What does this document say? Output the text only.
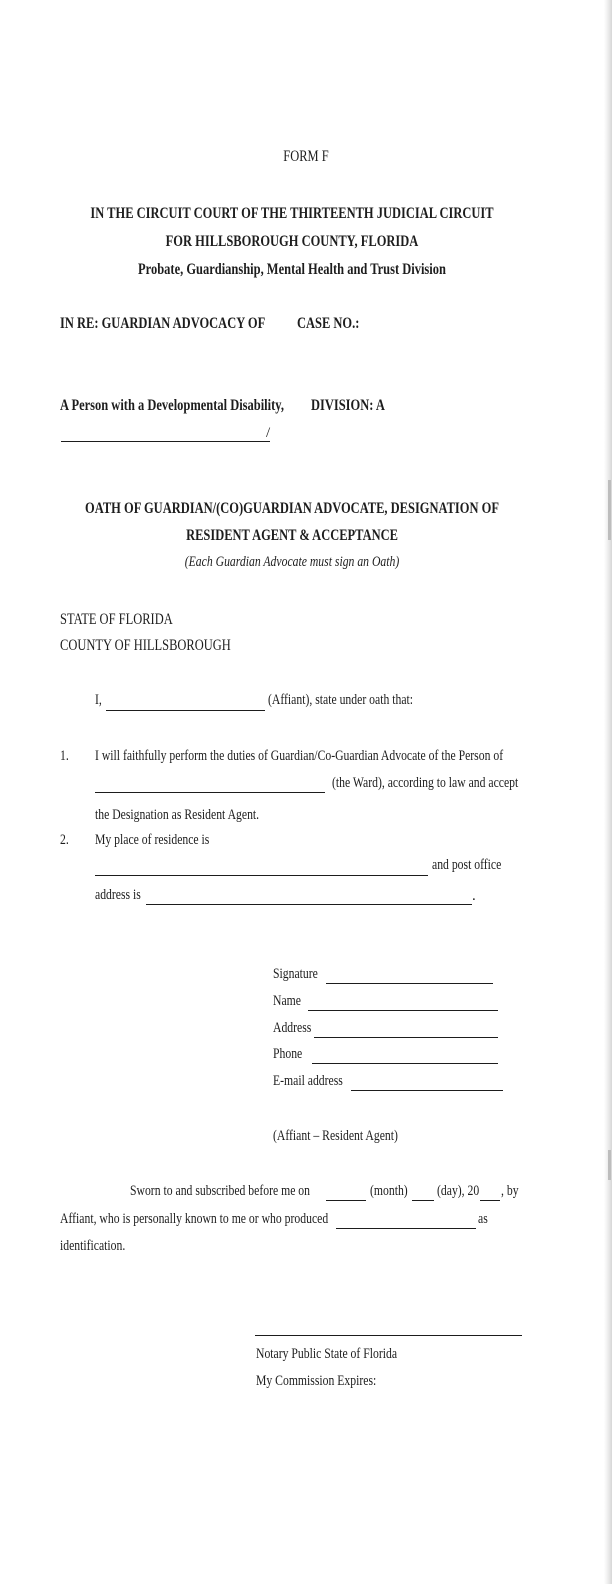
FORM F
IN THE CIRCUIT COURT OF THE THIRTEENTH JUDICIAL CIRCUIT
FOR HILLSBOROUGH COUNTY, FLORIDA
Probate, Guardianship, Mental Health and Trust Division
IN RE: GUARDIAN ADVOCACY OF CASE NO.:
A Person with a Developmental Disability, DIVISION: A
/
OATH OF GUARDIAN/(CO)GUARDIAN ADVOCATE, DESIGNATION OF
RESIDENT AGENT & ACCEPTANCE
(Each Guardian Advocate must sign an Oath)
STATE OF FLORIDA
COUNTY OF HILLSBOROUGH
I,	(Affiant), state under oath that:
1. I will faithfully perform the duties of Guardian/Co-Guardian Advocate of the Person of
(the Ward), according to law and accept
the Designation as Resident Agent.
2. My place of residence is
and post office
address is	.
Signature
Name
Address
Phone
E-mail address
(Affiant – Resident Agent)
Sworn to and subscribed before me on	(month) (day), 20 , by
Affiant, who is personally known to me or who produced	as
identification.
Notary Public State of Florida
My Commission Expires:
